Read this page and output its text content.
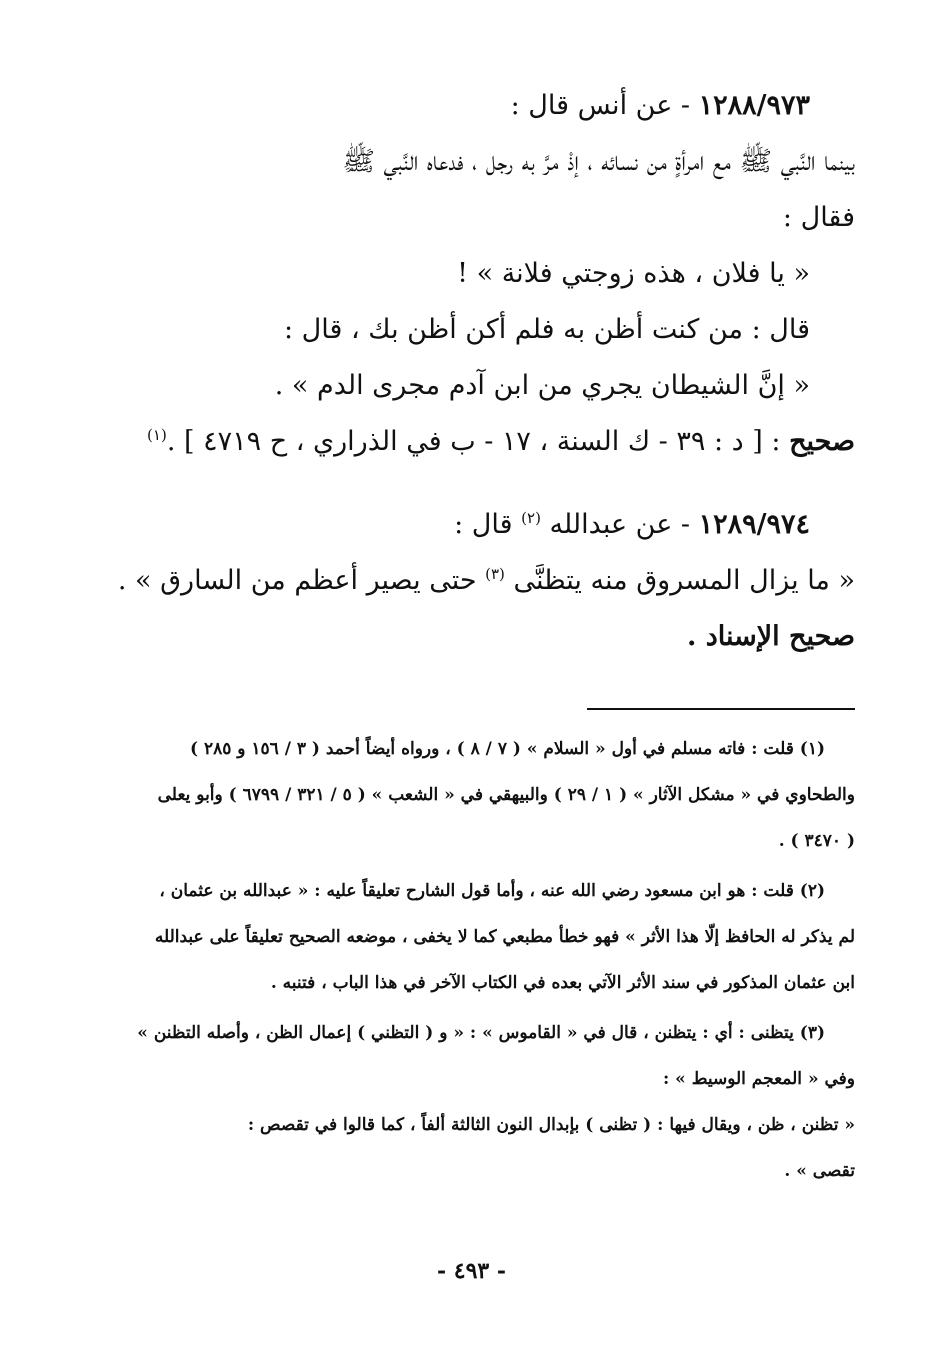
١٢٨٨/٩٧٣ - عن أنس قال :
بينما النَّبي ﷺ مع امرأةٍ من نسائه ، إذْ مرَّ به رجل ، فدعاه النَّبي ﷺ
فقال :
« يا فلان ، هذه زوجتي فلانة » !
قال : من كنت أظن به فلم أكن أظن بك ، قال :
« إنَّ الشيطان يجري من ابن آدم مجرى الدم » .
صحيح : [ د : ٣٩ - ك السنة ، ١٧ - ب في الذراري ، ح ٤٧١٩ ] .$^{(١)}$
١٢٨٩/٩٧٤ - عن عبدالله $^{(٢)}$ قال :
« ما يزال المسروق منه يتظنَّى $^{(٣)}$ حتى يصير أعظم من السارق » .
صحيح الإسناد .
(١) قلت : فاته مسلم في أول « السلام » ( ٧ / ٨ ) ، ورواه أيضاً أحمد ( ٣ / ١٥٦ و ٢٨٥ )
والطحاوي في « مشكل الآثار » ( ١ / ٢٩ ) والبيهقي في « الشعب » ( ٥ / ٣٢١ / ٦٧٩٩ ) وأبو يعلى
( ٣٤٧٠ ) .
(٢) قلت : هو ابن مسعود رضي الله عنه ، وأما قول الشارح تعليقاً عليه : « عبدالله بن عثمان ،
لم يذكر له الحافظ إلّا هذا الأثر » فهو خطأ مطبعي كما لا يخفى ، موضعه الصحيح تعليقاً على عبدالله
ابن عثمان المذكور في سند الأثر الآتي بعده في الكتاب الآخر في هذا الباب ، فتنبه .
(٣) يتظنى : أي : يتظنن ، قال في « القاموس » : « و ( التظني ) إعمال الظن ، وأصله التظنن »
وفي « المعجم الوسيط » :
« تظنن ، ظن ، ويقال فيها : ( تظنى ) بإبدال النون الثالثة ألفاً ، كما قالوا في تقصص :
تقصى » .
- ٤٩٣ -
